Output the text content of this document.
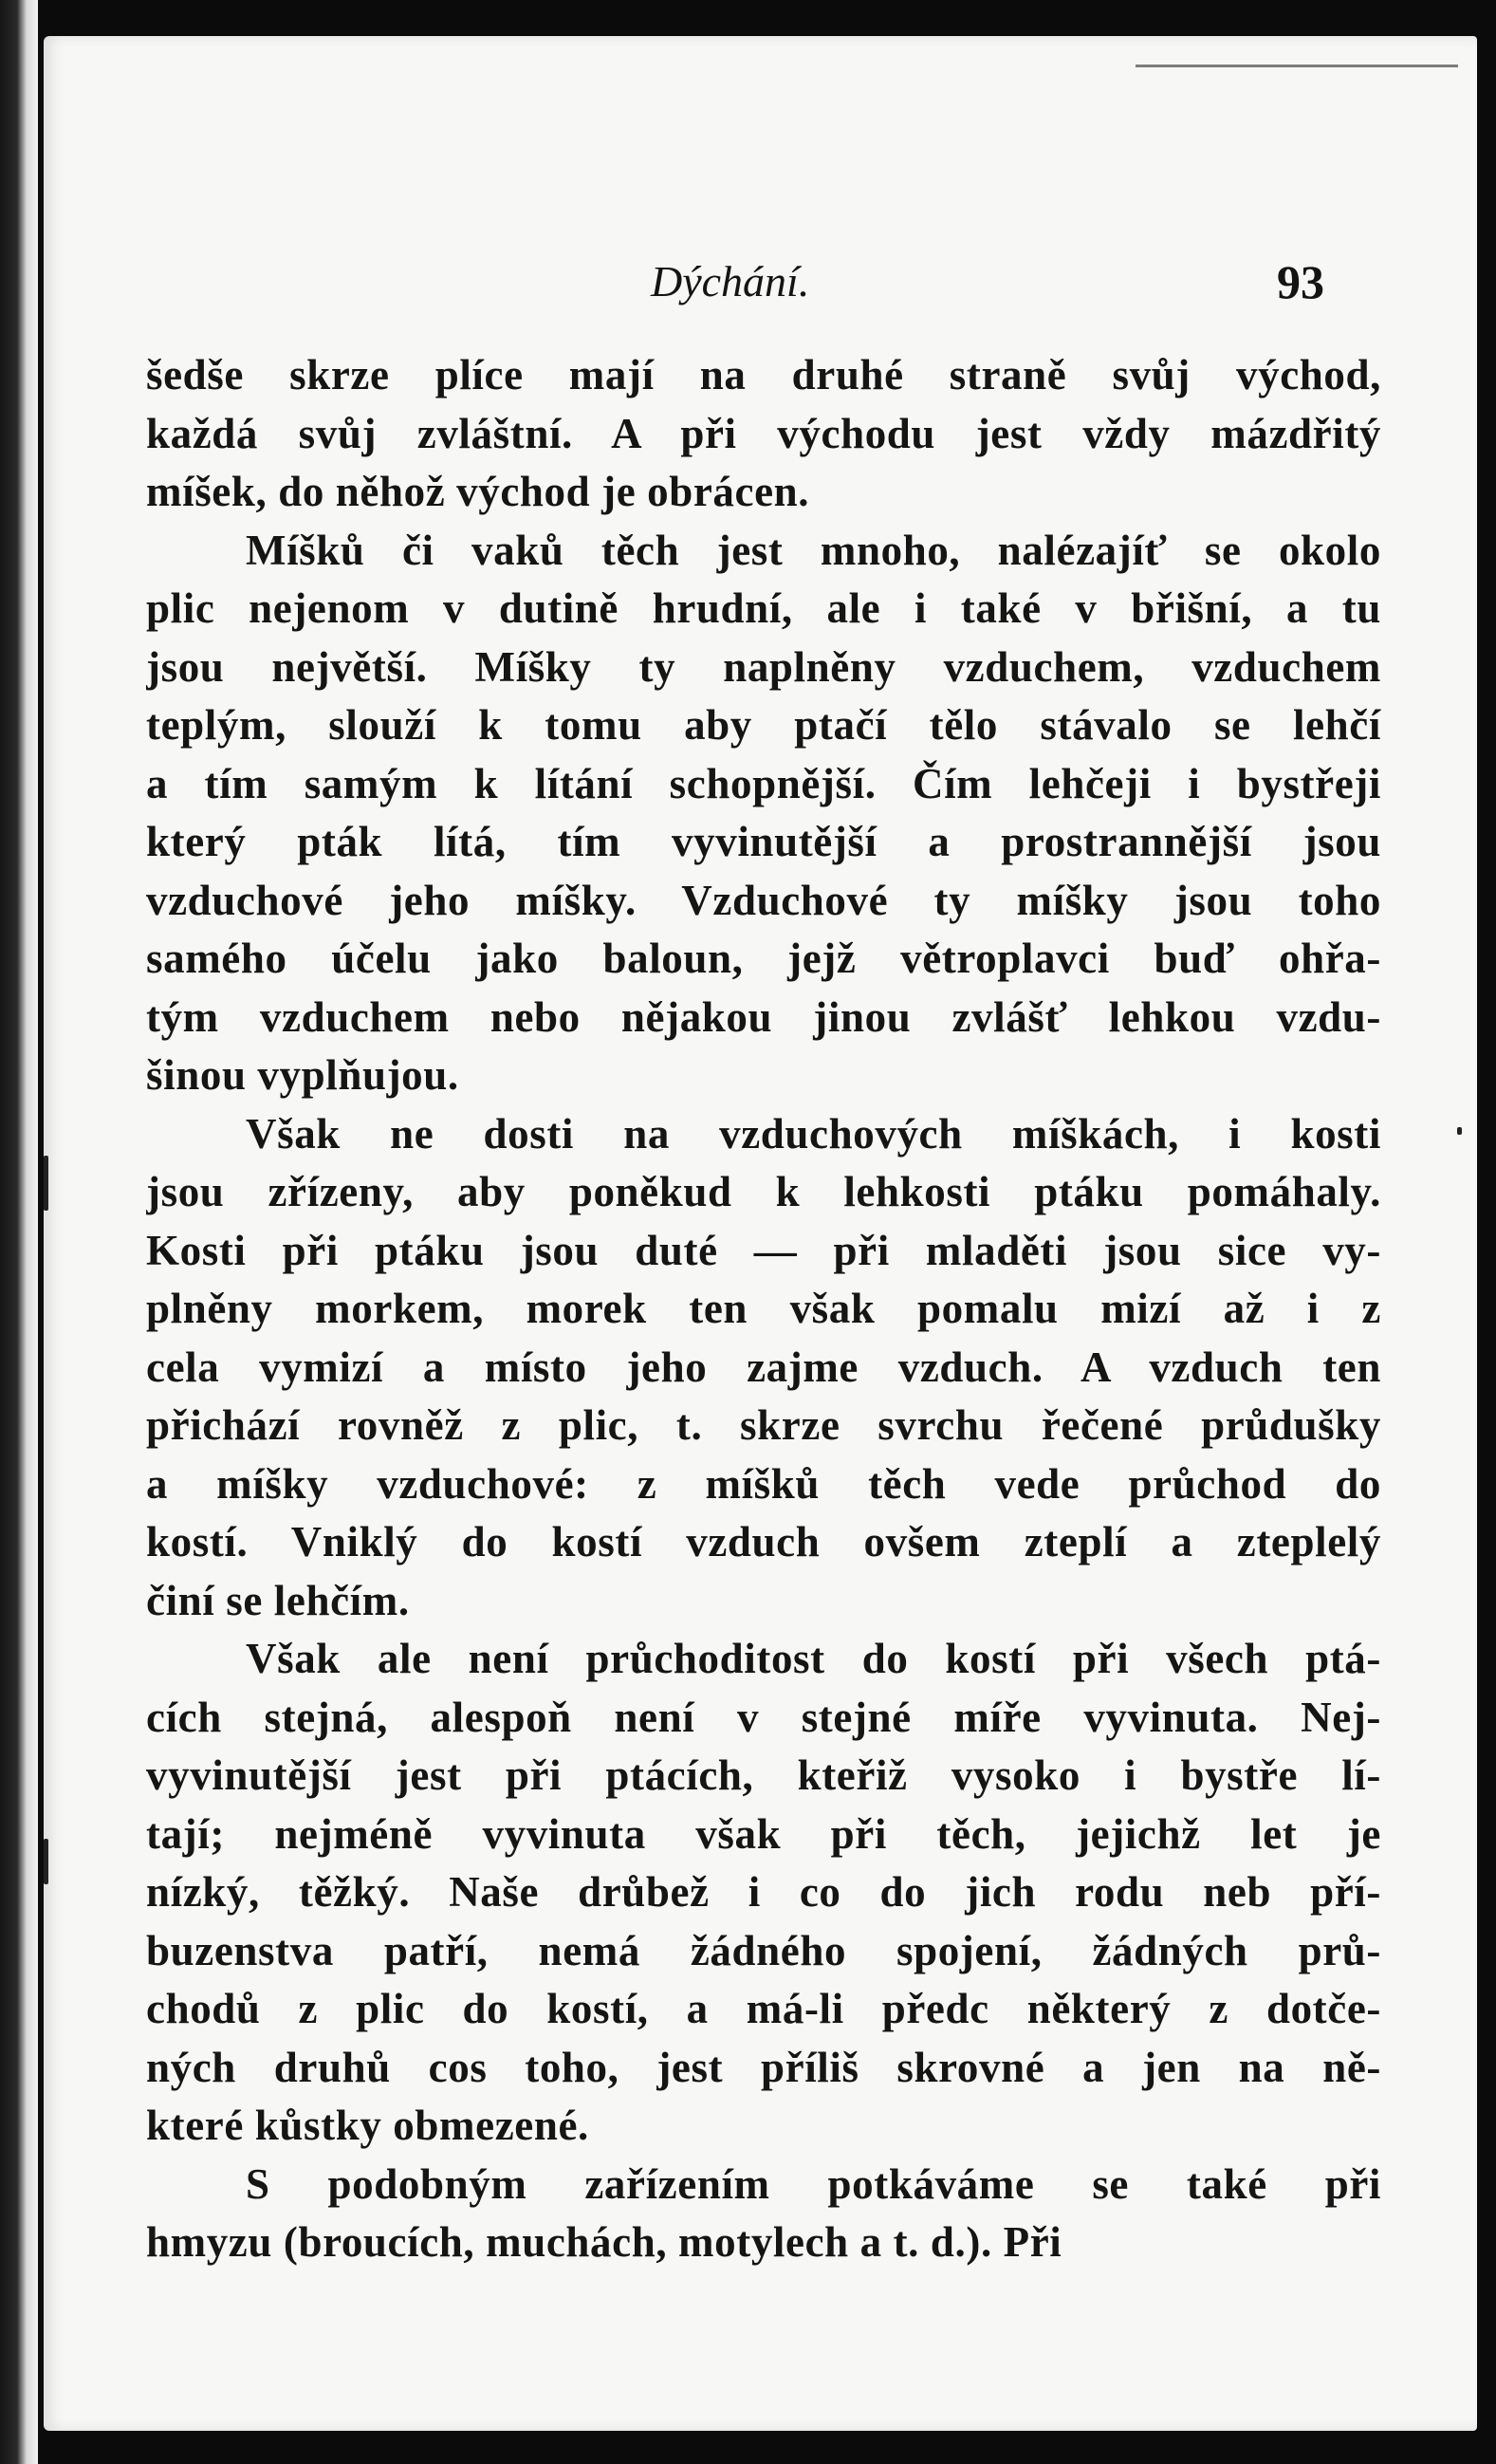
Dýchání.	93
šedše skrze plíce mají na druhé straně svůj východ,
každá svůj zvláštní. A při východu jest vždy mázdřitý
míšek, do něhož východ je obrácen.
Míšků či vaků těch jest mnoho, nalézajíť se okolo
plic nejenom v dutině hrudní, ale i také v břišní, a tu
jsou největší. Míšky ty naplněny vzduchem, vzduchem
teplým, slouží k tomu aby ptačí tělo stávalo se lehčí
a tím samým k lítání schopnější. Čím lehčeji i bystřeji
který pták lítá, tím vyvinutější a prostrannější jsou
vzduchové jeho míšky. Vzduchové ty míšky jsou toho
samého účelu jako baloun, jejž větroplavci buď ohřa-
tým vzduchem nebo nějakou jinou zvlášť lehkou vzdu-
šinou vyplňujou.
Však ne dosti na vzduchových míškách, i kosti
jsou zřízeny, aby poněkud k lehkosti ptáku pomáhaly.
Kosti při ptáku jsou duté — při mladěti jsou sice vy-
plněny morkem, morek ten však pomalu mizí až i z
cela vymizí a místo jeho zajme vzduch. A vzduch ten
přichází rovněž z plic, t. skrze svrchu řečené průdušky
a míšky vzduchové: z míšků těch vede průchod do
kostí. Vniklý do kostí vzduch ovšem zteplí a zteplelý
činí se lehčím.
Však ale není průchoditost do kostí při všech ptá-
cích stejná, alespoň není v stejné míře vyvinuta. Nej-
vyvinutější jest při ptácích, kteřiž vysoko i bystře lí-
tají; nejméně vyvinuta však při těch, jejichž let je
nízký, těžký. Naše drůbež i co do jich rodu neb pří-
buzenstva patří, nemá žádného spojení, žádných prů-
chodů z plic do kostí, a má-li předc některý z dotče-
ných druhů cos toho, jest příliš skrovné a jen na ně-
které kůstky obmezené.
S podobným zařízením potkáváme se také při
hmyzu (broucích, muchách, motylech a t. d.). Při
